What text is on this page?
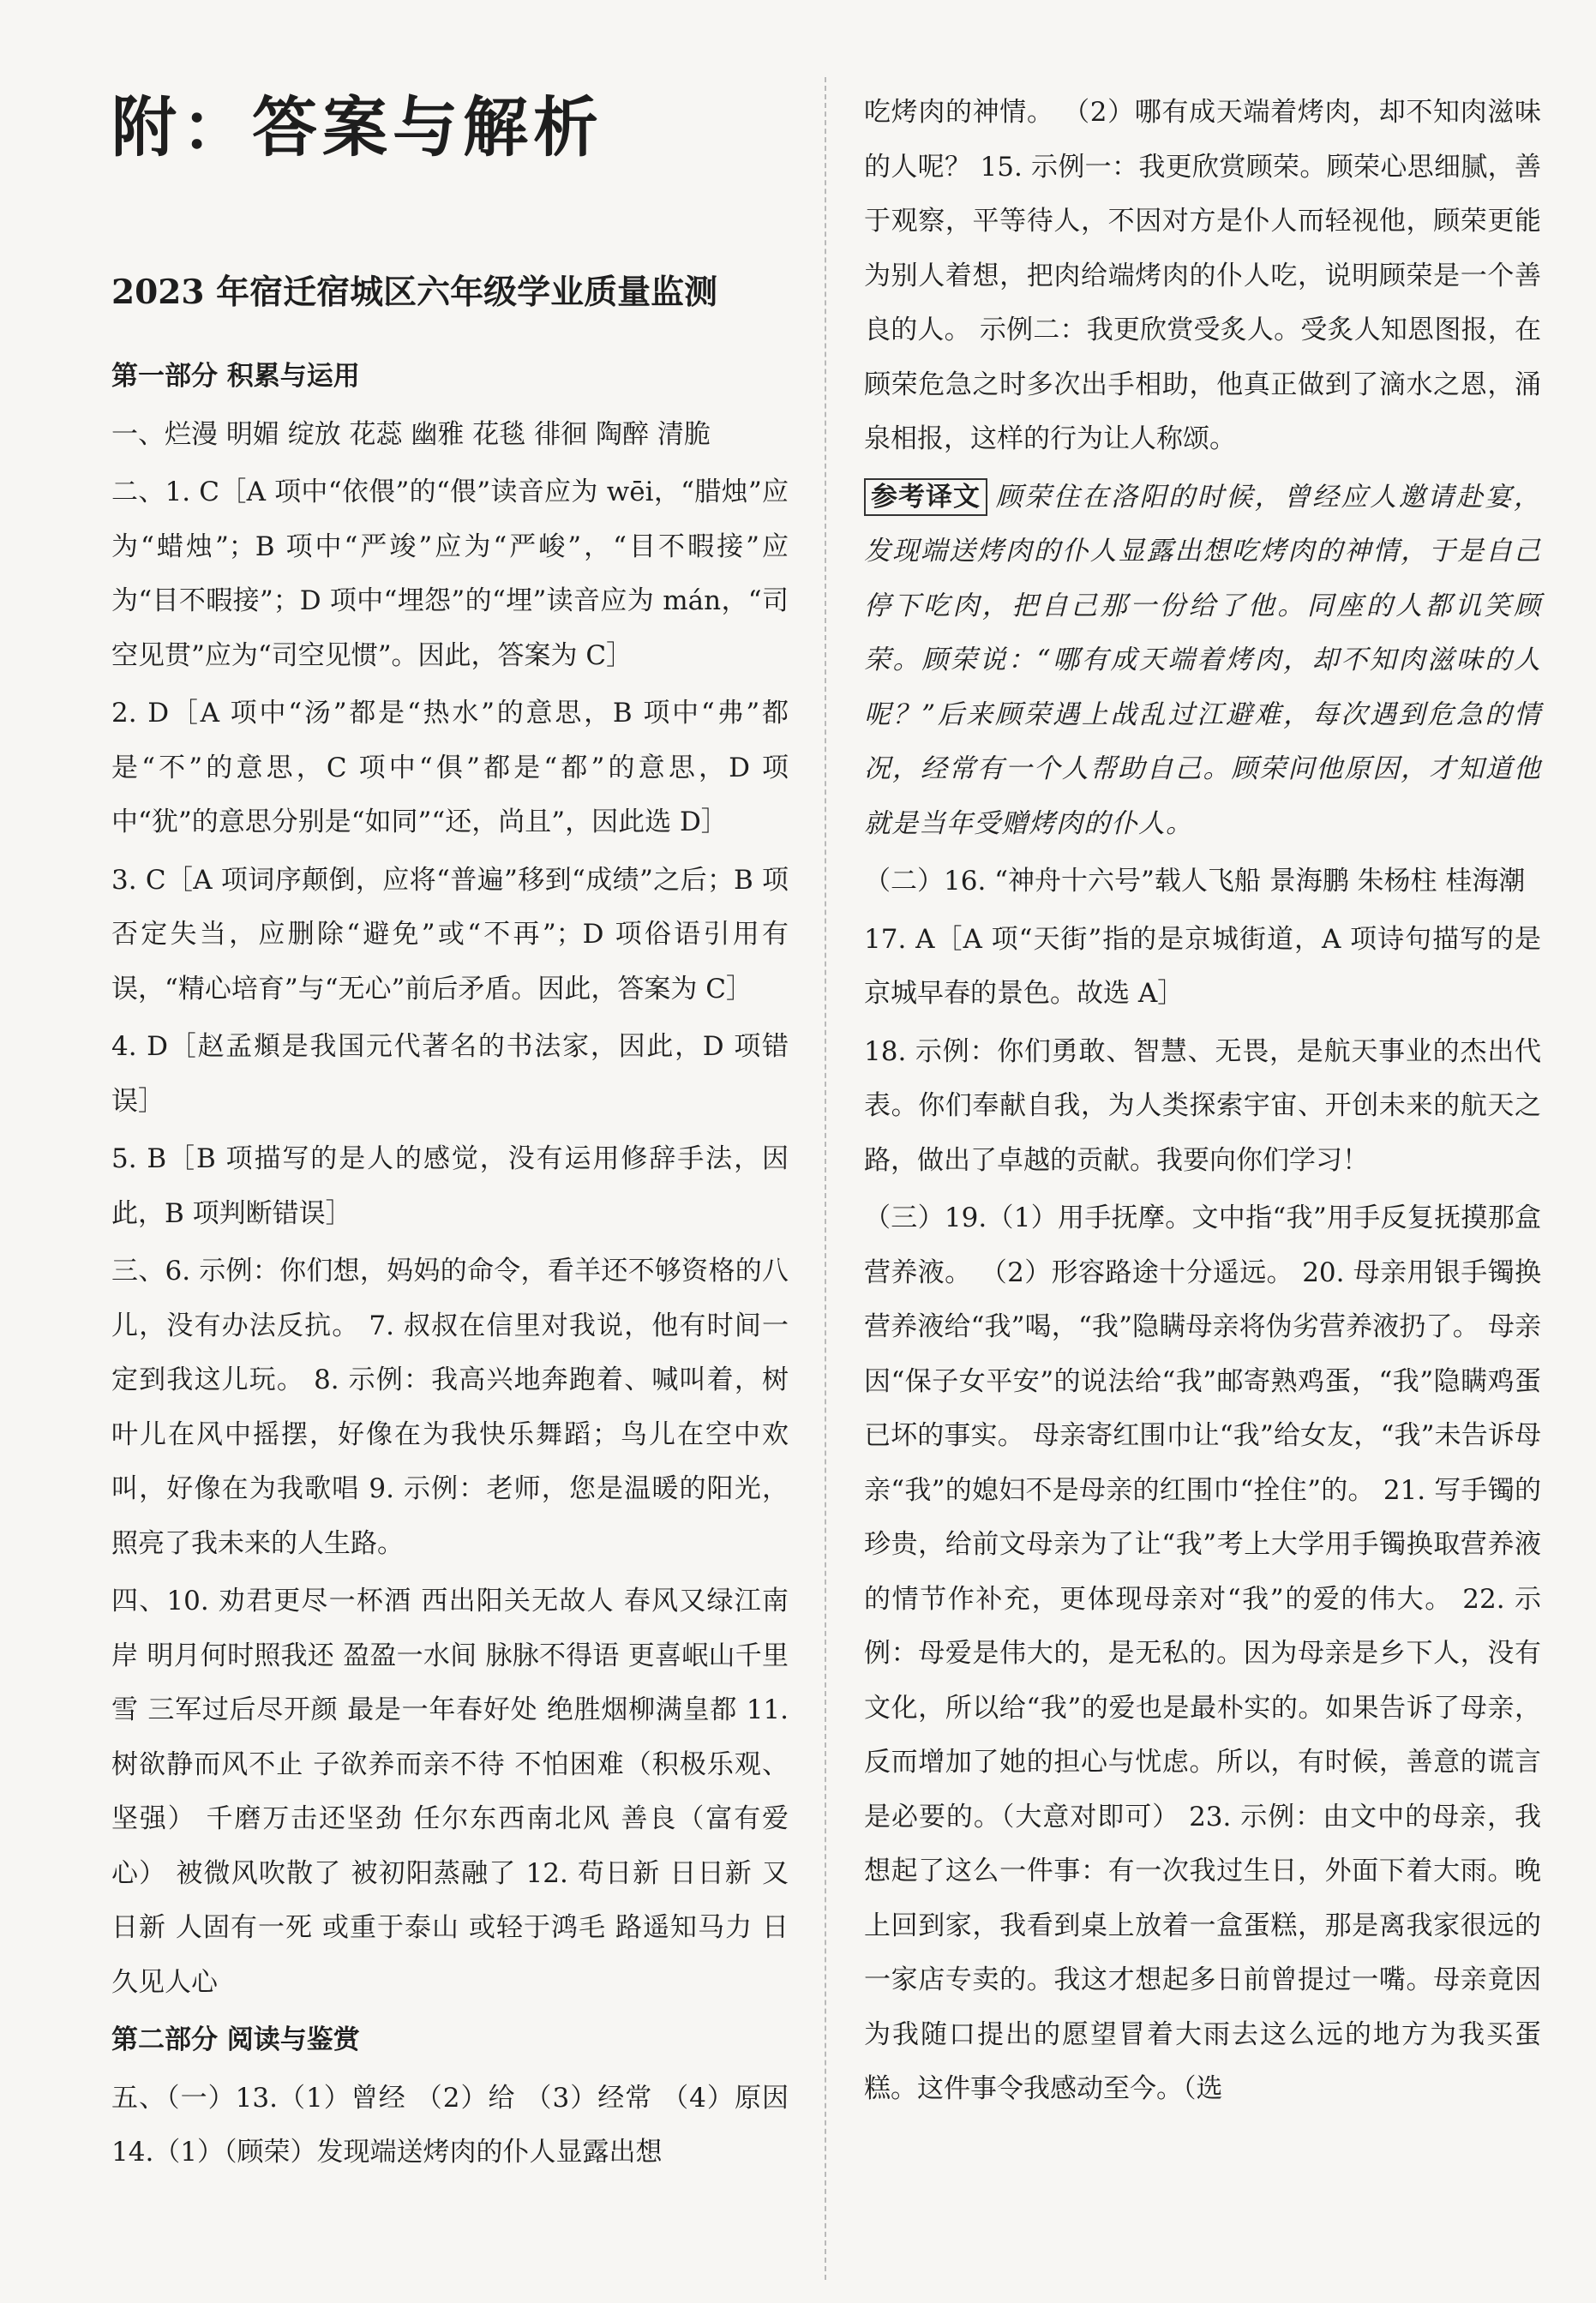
附：答案与解析
2023 年宿迁宿城区六年级学业质量监测

第一部分 积累与运用

一、烂漫 明媚 绽放 花蕊 幽雅 花毯 徘徊 陶醉 清脆

二、1. C［A 项中“依偎”的“偎”读音应为 wēi，“腊烛”应为“蜡烛”；B 项中“严竣”应为“严峻”，“目不暇接”应为“目不暇接”；D 项中“埋怨”的“埋”读音应为 mán，“司空见贯”应为“司空见惯”。因此，答案为 C］

2. D［A 项中“汤”都是“热水”的意思，B 项中“弗”都是“不”的意思，C 项中“俱”都是“都”的意思，D 项中“犹”的意思分别是“如同”“还，尚且”，因此选 D］

3. C［A 项词序颠倒，应将“普遍”移到“成绩”之后；B 项否定失当，应删除“避免”或“不再”；D 项俗语引用有误，“精心培育”与“无心”前后矛盾。因此，答案为 C］

4. D［赵孟頫是我国元代著名的书法家，因此，D 项错误］

5. B［B 项描写的是人的感觉，没有运用修辞手法，因此，B 项判断错误］

三、6. 示例：你们想，妈妈的命令，看羊还不够资格的八儿，没有办法反抗。 7. 叔叔在信里对我说，他有时间一定到我这儿玩。 8. 示例：我高兴地奔跑着、喊叫着，树叶儿在风中摇摆，好像在为我快乐舞蹈；鸟儿在空中欢叫，好像在为我歌唱 9. 示例：老师，您是温暖的阳光，照亮了我未来的人生路。

四、10. 劝君更尽一杯酒 西出阳关无故人 春风又绿江南岸 明月何时照我还 盈盈一水间 脉脉不得语 更喜岷山千里雪 三军过后尽开颜 最是一年春好处 绝胜烟柳满皇都 11. 树欲静而风不止 子欲养而亲不待 不怕困难（积极乐观、坚强） 千磨万击还坚劲 任尔东西南北风 善良（富有爱心） 被微风吹散了 被初阳蒸融了 12. 苟日新 日日新 又日新 人固有一死 或重于泰山 或轻于鸿毛 路遥知马力 日久见人心

第二部分 阅读与鉴赏

五、（一）13.（1）曾经 （2）给 （3）经常 （4）原因 14.（1）（顾荣）发现端送烤肉的仆人显露出想

吃烤肉的神情。 （2）哪有成天端着烤肉，却不知肉滋味的人呢？ 15. 示例一：我更欣赏顾荣。顾荣心思细腻，善于观察，平等待人，不因对方是仆人而轻视他，顾荣更能为别人着想，把肉给端烤肉的仆人吃，说明顾荣是一个善良的人。 示例二：我更欣赏受炙人。受炙人知恩图报，在顾荣危急之时多次出手相助，他真正做到了滴水之恩，涌泉相报，这样的行为让人称颂。

参考译文 顾荣住在洛阳的时候，曾经应人邀请赴宴，发现端送烤肉的仆人显露出想吃烤肉的神情，于是自己停下吃肉，把自己那一份给了他。同座的人都讥笑顾荣。顾荣说：“哪有成天端着烤肉，却不知肉滋味的人呢？”后来顾荣遇上战乱过江避难，每次遇到危急的情况，经常有一个人帮助自己。顾荣问他原因，才知道他就是当年受赠烤肉的仆人。

（二）16. “神舟十六号”载人飞船 景海鹏 朱杨柱 桂海潮

17. A［A 项“天街”指的是京城街道，A 项诗句描写的是京城早春的景色。故选 A］

18. 示例：你们勇敢、智慧、无畏，是航天事业的杰出代表。你们奉献自我，为人类探索宇宙、开创未来的航天之路，做出了卓越的贡献。我要向你们学习！

（三）19.（1）用手抚摩。文中指“我”用手反复抚摸那盒营养液。 （2）形容路途十分遥远。 20. 母亲用银手镯换营养液给“我”喝，“我”隐瞒母亲将伪劣营养液扔了。 母亲因“保子女平安”的说法给“我”邮寄熟鸡蛋，“我”隐瞒鸡蛋已坏的事实。 母亲寄红围巾让“我”给女友，“我”未告诉母亲“我”的媳妇不是母亲的红围巾“拴住”的。 21. 写手镯的珍贵，给前文母亲为了让“我”考上大学用手镯换取营养液的情节作补充，更体现母亲对“我”的爱的伟大。 22. 示例：母爱是伟大的，是无私的。因为母亲是乡下人，没有文化，所以给“我”的爱也是最朴实的。如果告诉了母亲，反而增加了她的担心与忧虑。所以，有时候，善意的谎言是必要的。（大意对即可） 23. 示例：由文中的母亲，我想起了这么一件事：有一次我过生日，外面下着大雨。晚上回到家，我看到桌上放着一盒蛋糕，那是离我家很远的一家店专卖的。我这才想起多日前曾提过一嘴。母亲竟因为我随口提出的愿望冒着大雨去这么远的地方为我买蛋糕。这件事令我感动至今。（选
